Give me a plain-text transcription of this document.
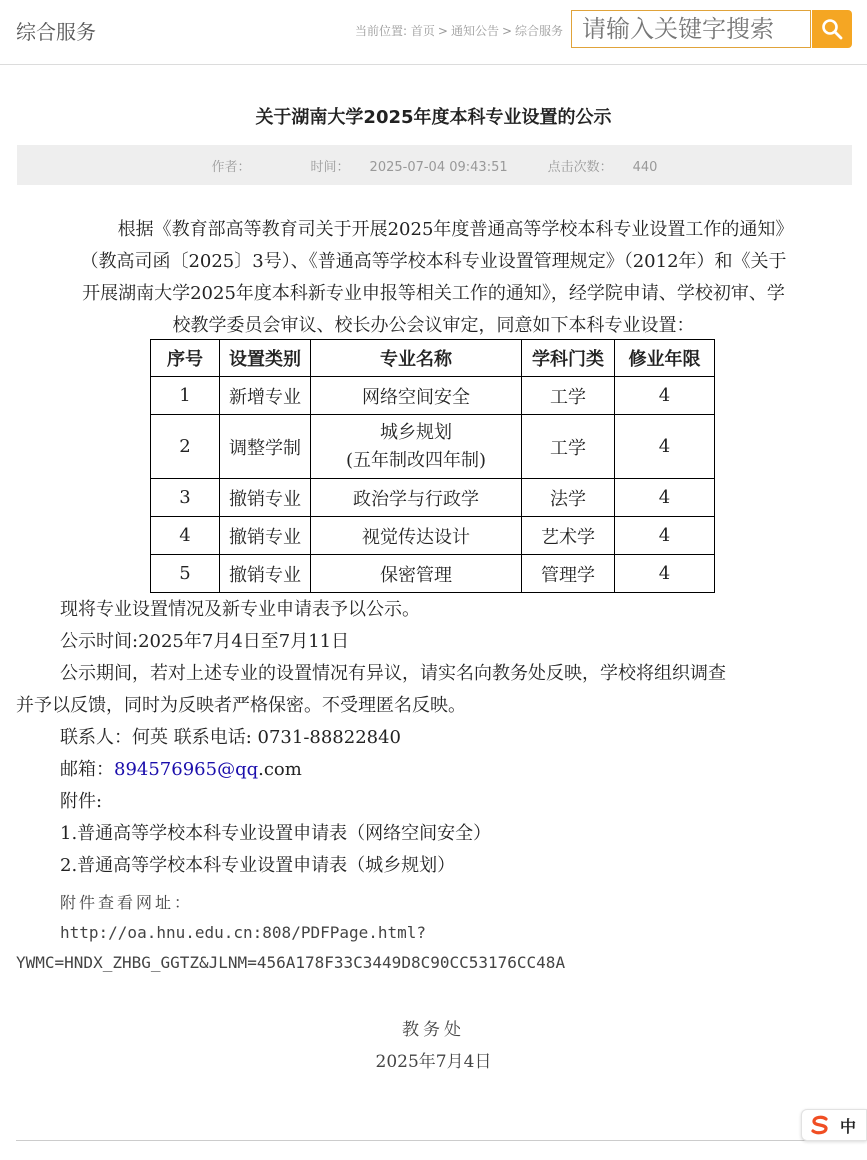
综合服务	当前位置: 首页 > 通知公告 > 综合服务
请输入关键字搜索
关于湖南大学2025年度本科专业设置的公示
作者：	时间： 2025-07-04 09:43:51	点击次数： 440
根据《教育部高等教育司关于开展2025年度普通高等学校本科专业设置工作的通知》
（教高司函〔2025〕3号）、《普通高等学校本科专业设置管理规定》（2012年）和《关于
开展湖南大学2025年度本科新专业申报等相关工作的通知》，经学院申请、学校初审、学
校教学委员会审议、校长办公会议审定，同意如下本科专业设置：
序号	设置类别	专业名称	学科门类	修业年限
1	新增专业	网络空间安全	工学	4
2	调整学制	城乡规划
(五年制改四年制)	工学	4
3	撤销专业	政治学与行政学	法学	4
4	撤销专业	视觉传达设计	艺术学	4
5	撤销专业	保密管理	管理学	4
现将专业设置情况及新专业申请表予以公示。
公示时间:2025年7月4日至7月11日
公示期间，若对上述专业的设置情况有异议，请实名向教务处反映，学校将组织调查
并予以反馈，同时为反映者严格保密。不受理匿名反映。
联系人：何英 联系电话: 0731-88822840
邮箱：894576965@qq.com
附件:
1.普通高等学校本科专业设置申请表（网络空间安全）
2.普通高等学校本科专业设置申请表（城乡规划）
附件查看网址：
http://oa.hnu.edu.cn:808/PDFPage.html?
YWMC=HNDX_ZHBG_GGTZ&JLNM=456A178F33C3449D8C90CC53176CC48A
教务处
2025年7月4日
中
